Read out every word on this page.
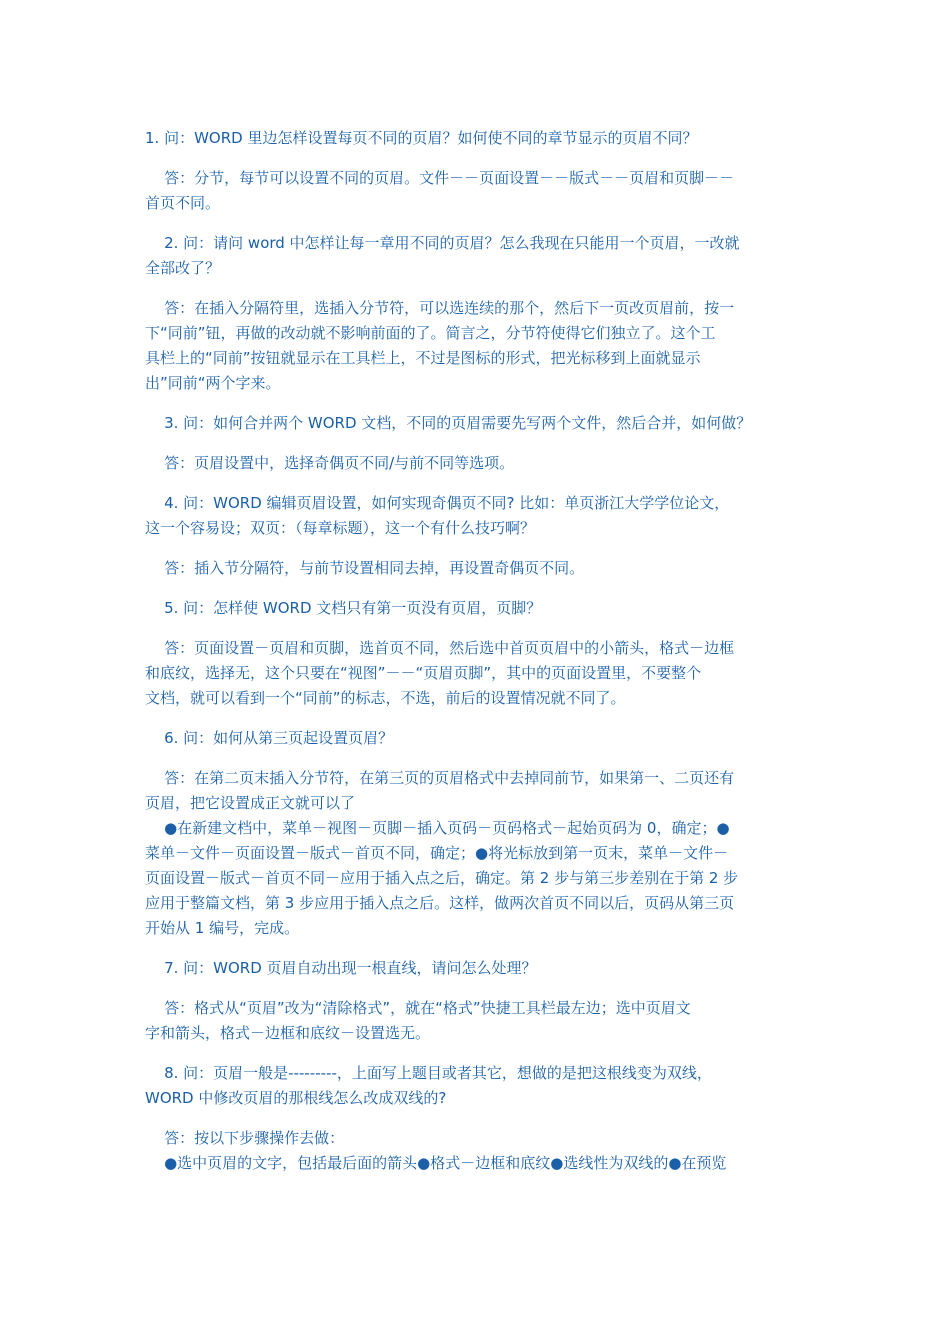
1. 问：WORD 里边怎样设置每页不同的页眉？如何使不同的章节显示的页眉不同？
答：分节，每节可以设置不同的页眉。文件－－页面设置－－版式－－页眉和页脚－－
首页不同。
2. 问：请问 word 中怎样让每一章用不同的页眉？怎么我现在只能用一个页眉，一改就
全部改了？
答：在插入分隔符里，选插入分节符，可以选连续的那个，然后下一页改页眉前，按一
下“同前”钮，再做的改动就不影响前面的了。简言之，分节符使得它们独立了。这个工
具栏上的“同前”按钮就显示在工具栏上，不过是图标的形式，把光标移到上面就显示
出”同前“两个字来。
3. 问：如何合并两个 WORD 文档，不同的页眉需要先写两个文件，然后合并，如何做？
答：页眉设置中，选择奇偶页不同/与前不同等选项。
4. 问：WORD 编辑页眉设置，如何实现奇偶页不同? 比如：单页浙江大学学位论文，
这一个容易设；双页：（每章标题），这一个有什么技巧啊？
答：插入节分隔符，与前节设置相同去掉，再设置奇偶页不同。
5. 问：怎样使 WORD 文档只有第一页没有页眉，页脚？
答：页面设置－页眉和页脚，选首页不同，然后选中首页页眉中的小箭头，格式－边框
和底纹，选择无，这个只要在“视图”－－“页眉页脚”，其中的页面设置里，不要整个
文档，就可以看到一个“同前”的标志，不选，前后的设置情况就不同了。
6. 问：如何从第三页起设置页眉？
答：在第二页末插入分节符，在第三页的页眉格式中去掉同前节，如果第一、二页还有
页眉，把它设置成正文就可以了
●在新建文档中，菜单－视图－页脚－插入页码－页码格式－起始页码为 0，确定；●
菜单－文件－页面设置－版式－首页不同，确定；●将光标放到第一页末，菜单－文件－
页面设置－版式－首页不同－应用于插入点之后，确定。第 2 步与第三步差别在于第 2 步
应用于整篇文档，第 3 步应用于插入点之后。这样，做两次首页不同以后，页码从第三页
开始从 1 编号，完成。
7. 问：WORD 页眉自动出现一根直线，请问怎么处理？
答：格式从“页眉”改为“清除格式”，就在“格式”快捷工具栏最左边；选中页眉文
字和箭头，格式－边框和底纹－设置选无。
8. 问：页眉一般是---------，上面写上题目或者其它，想做的是把这根线变为双线，
WORD 中修改页眉的那根线怎么改成双线的?
答：按以下步骤操作去做：
●选中页眉的文字，包括最后面的箭头●格式－边框和底纹●选线性为双线的●在预览
